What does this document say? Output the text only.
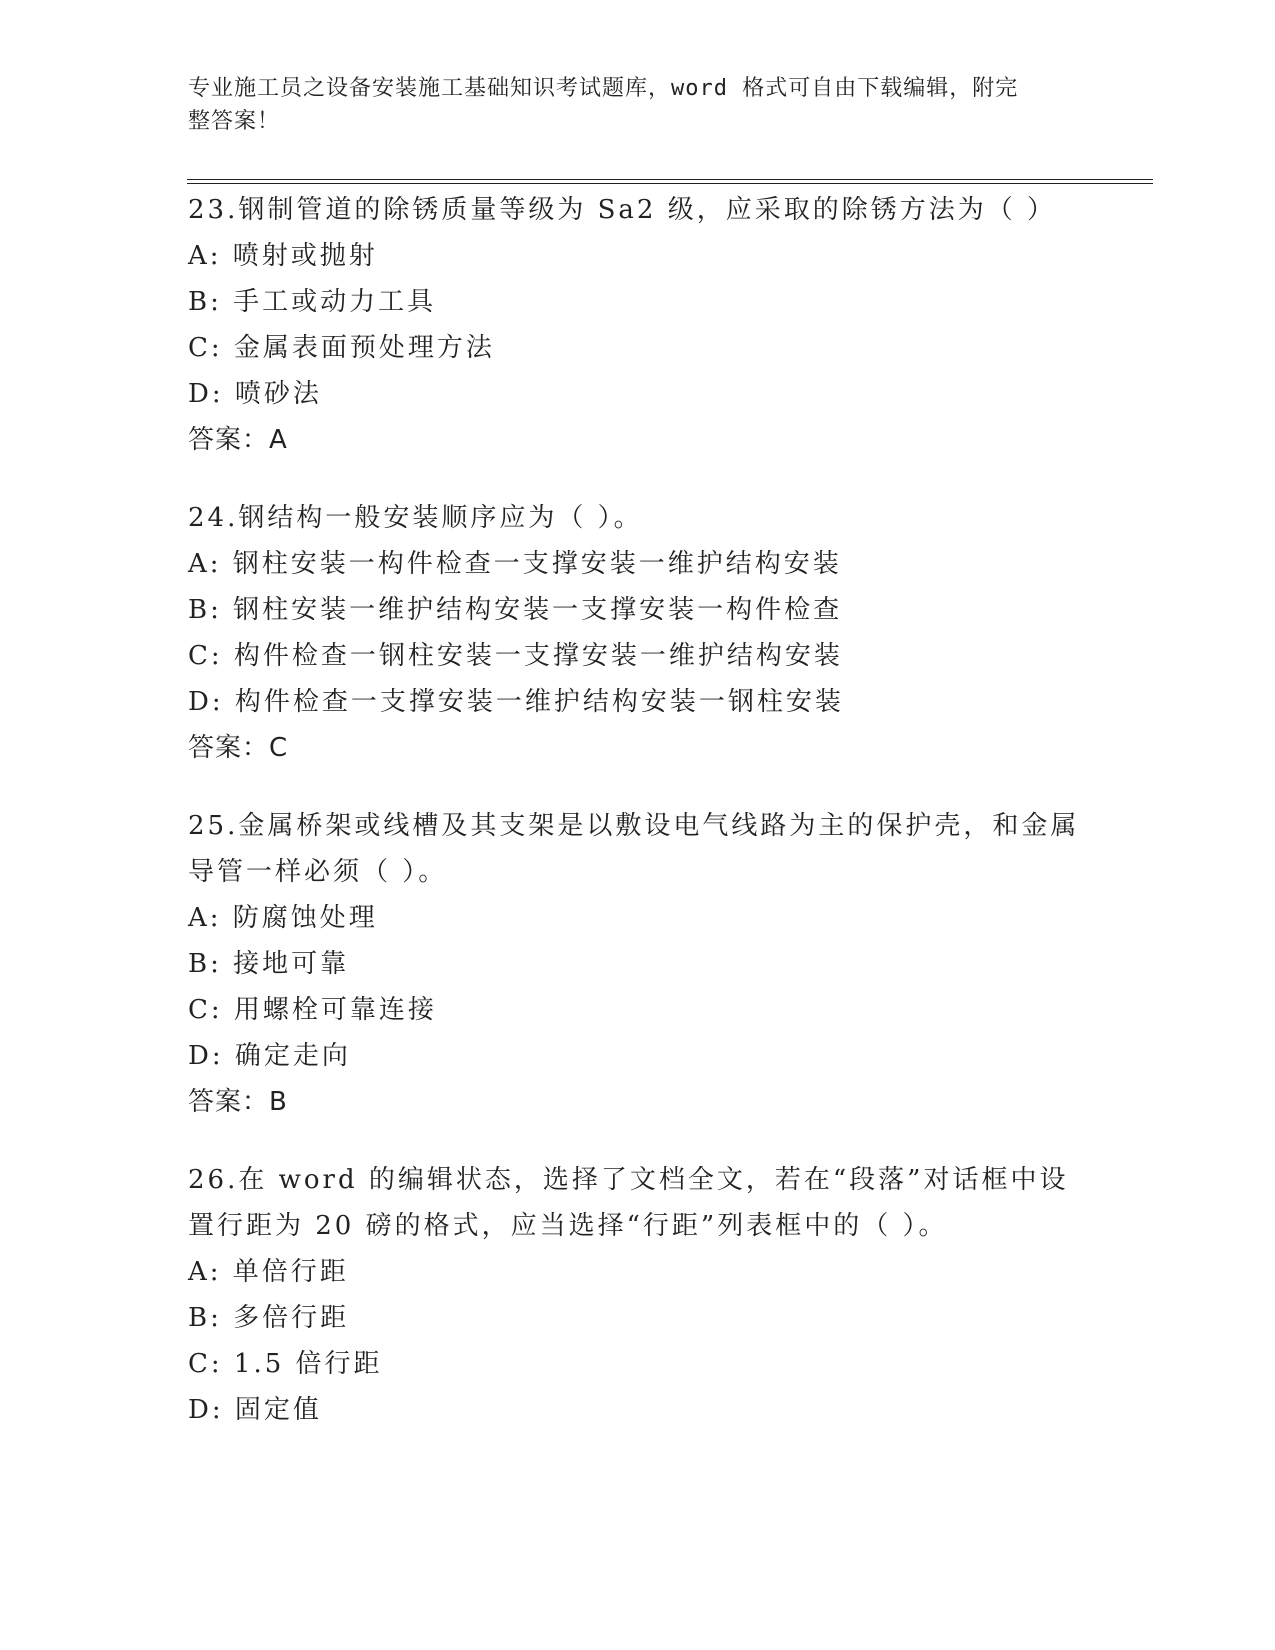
专业施工员之设备安装施工基础知识考试题库，word 格式可自由下载编辑，附完
整答案！
23.钢制管道的除锈质量等级为 Sa2 级，应采取的除锈方法为（ ）
A: 喷射或抛射
B: 手工或动力工具
C: 金属表面预处理方法
D: 喷砂法
答案：A
24.钢结构一般安装顺序应为（ ）。
A: 钢柱安装一构件检查一支撑安装一维护结构安装
B: 钢柱安装一维护结构安装一支撑安装一构件检查
C: 构件检查一钢柱安装一支撑安装一维护结构安装
D: 构件检查一支撑安装一维护结构安装一钢柱安装
答案：C
25.金属桥架或线槽及其支架是以敷设电气线路为主的保护壳，和金属
导管一样必须（ ）。
A: 防腐蚀处理
B: 接地可靠
C: 用螺栓可靠连接
D: 确定走向
答案：B
26.在 word 的编辑状态，选择了文档全文，若在“段落”对话框中设
置行距为 20 磅的格式，应当选择“行距”列表框中的（ ）。
A: 单倍行距
B: 多倍行距
C: 1.5 倍行距
D: 固定值
